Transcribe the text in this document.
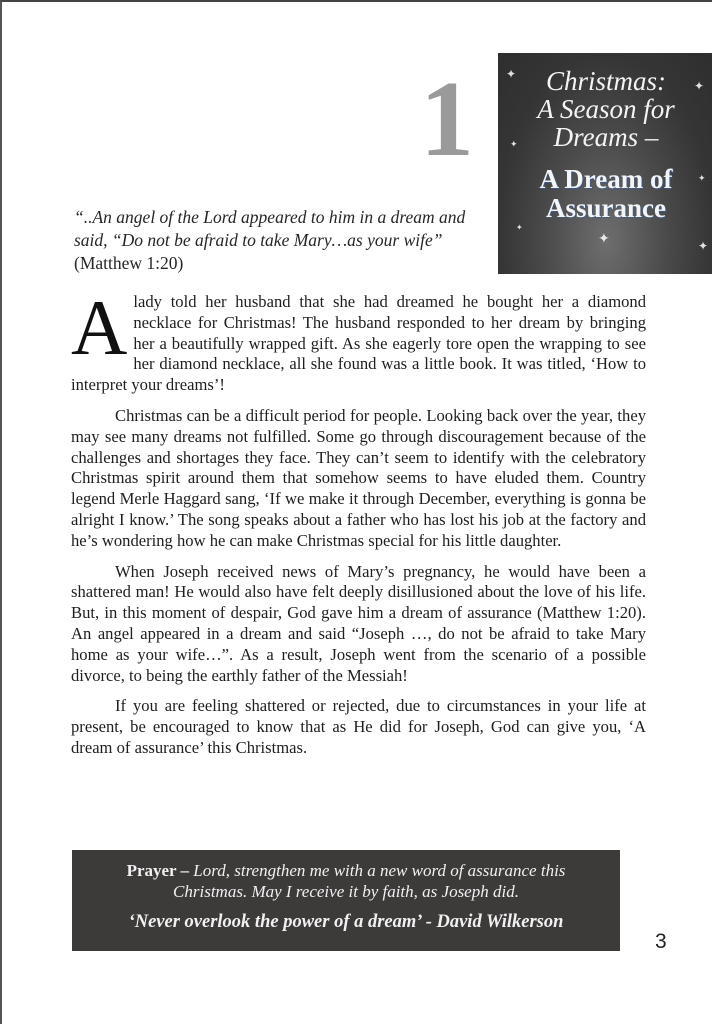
1	✦
✦
✦
✦
✦	✦
✦
Christmas:
A Season for
Dreams –
A Dream of
Assurance
“..An angel of the Lord appeared to him in a dream and said, “Do not be afraid to take Mary…as your wife” (Matthew 1:20)

Alady told her husband that she had dreamed he bought her a diamond necklace for Christmas! The husband responded to her dream by bringing her a beautifully wrapped gift. As she eagerly tore open the wrapping to see her diamond necklace, all she found was a little book. It was titled, ‘How to interpret your dreams’!

Christmas can be a difficult period for people. Looking back over the year, they may see many dreams not fulfilled. Some go through discouragement because of the challenges and shortages they face. They can’t seem to identify with the celebratory Christmas spirit around them that somehow seems to have eluded them. Country legend Merle Haggard sang, ‘If we make it through December, everything is gonna be alright I know.’ The song speaks about a father who has lost his job at the factory and he’s wondering how he can make Christmas special for his little daughter.

When Joseph received news of Mary’s pregnancy, he would have been a shattered man! He would also have felt deeply disillusioned about the love of his life. But, in this moment of despair, God gave him a dream of assurance (Matthew 1:20). An angel appeared in a dream and said “Joseph …, do not be afraid to take Mary home as your wife…”. As a result, Joseph went from the scenario of a possible divorce, to being the earthly father of the Messiah!

If you are feeling shattered or rejected, due to circumstances in your life at present, be encouraged to know that as He did for Joseph, God can give you, ‘A dream of assurance’ this Christmas.

Prayer – Lord, strengthen me with a new word of assurance this Christmas. May I receive it by faith, as Joseph did.
‘Never overlook the power of a dream’ - David Wilkerson
3
